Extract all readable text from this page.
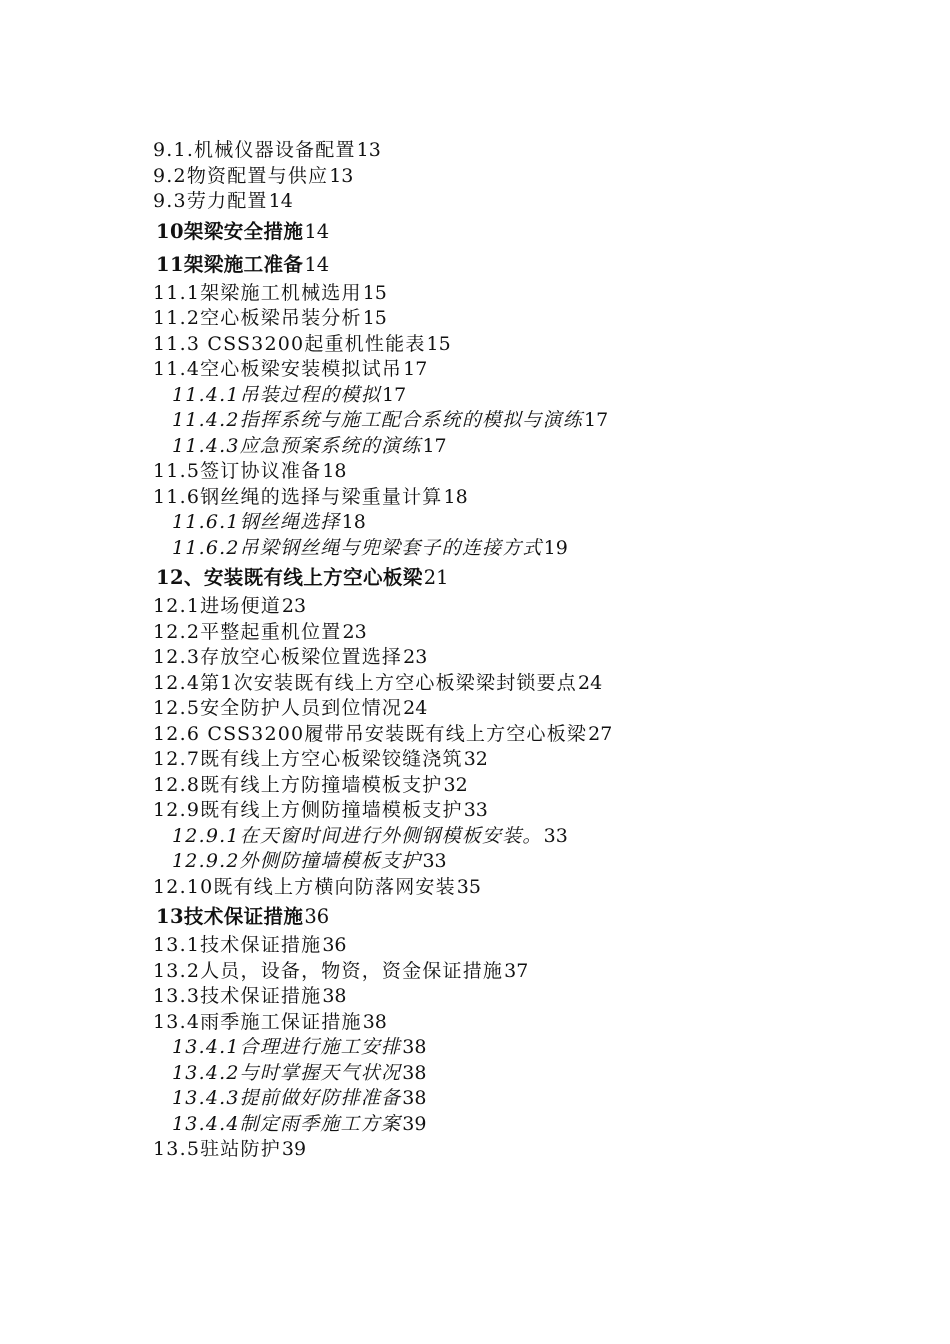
9.1.机械仪器设备配置13
9.2物资配置与供应13
9.3劳力配置14
10架梁安全措施14
11架梁施工准备14
11.1架梁施工机械选用15
11.2空心板梁吊装分析15
11.3 CSS3200起重机性能表15
11.4空心板梁安装模拟试吊17
11.4.1吊装过程的模拟17
11.4.2指挥系统与施工配合系统的模拟与演练17
11.4.3应急预案系统的演练17
11.5签订协议准备18
11.6钢丝绳的选择与梁重量计算18
11.6.1钢丝绳选择18
11.6.2吊梁钢丝绳与兜梁套子的连接方式19
12、安装既有线上方空心板梁21
12.1进场便道23
12.2平整起重机位置23
12.3存放空心板梁位置选择23
12.4第1次安装既有线上方空心板梁梁封锁要点24
12.5安全防护人员到位情况24
12.6 CSS3200履带吊安装既有线上方空心板梁27
12.7既有线上方空心板梁铰缝浇筑32
12.8既有线上方防撞墙模板支护32
12.9既有线上方侧防撞墙模板支护33
12.9.1在天窗时间进行外侧钢模板安装。33
12.9.2外侧防撞墙模板支护33
12.10既有线上方横向防落网安装35
13技术保证措施36
13.1技术保证措施36
13.2人员，设备，物资，资金保证措施37
13.3技术保证措施38
13.4雨季施工保证措施38
13.4.1合理进行施工安排38
13.4.2与时掌握天气状况38
13.4.3提前做好防排准备38
13.4.4制定雨季施工方案39
13.5驻站防护39
